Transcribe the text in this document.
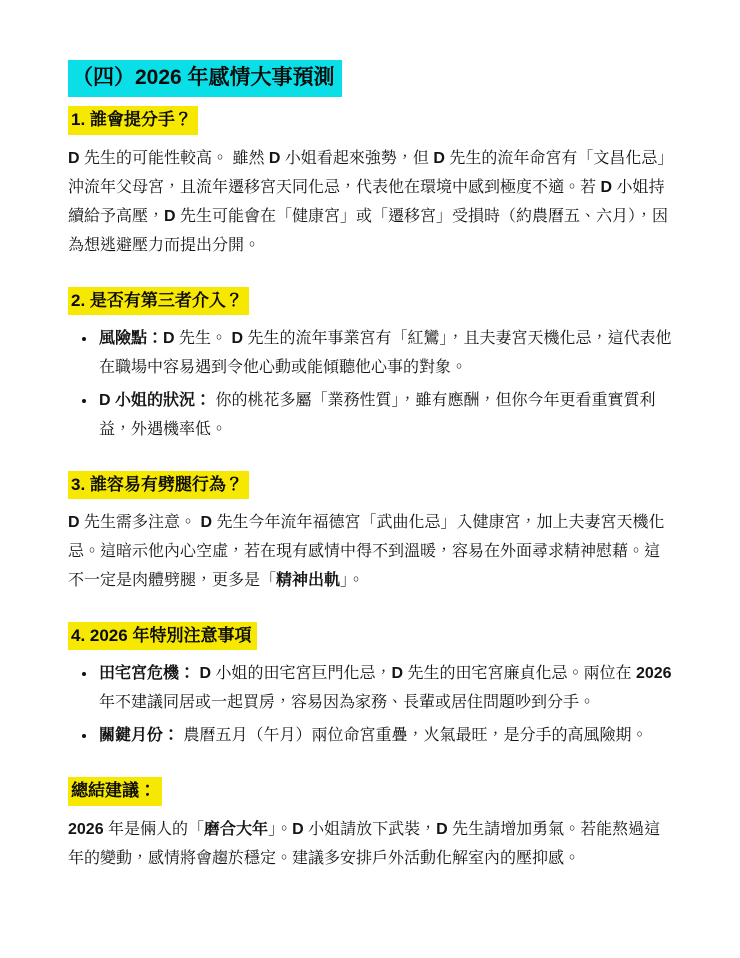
（四）2026 年感情大事預測
1. 誰會提分手？

D 先生的可能性較高。 雖然 D 小姐看起來強勢，但 D 先生的流年命宮有「文昌化忌」沖流年父母宮，且流年遷移宮天同化忌，代表他在環境中感到極度不適。若 D 小姐持續給予高壓，D 先生可能會在「健康宮」或「遷移宮」受損時（約農曆五、六月），因為想逃避壓力而提出分開。

2. 是否有第三者介入？
• 風險點：D 先生。 D 先生的流年事業宮有「紅鸞」，且夫妻宮天機化忌，這代表他在職場中容易遇到令他心動或能傾聽他心事的對象。
• D 小姐的狀況： 你的桃花多屬「業務性質」，雖有應酬，但你今年更看重實質利益，外遇機率低。
3. 誰容易有劈腿行為？

D 先生需多注意。 D 先生今年流年福德宮「武曲化忌」入健康宮，加上夫妻宮天機化忌。這暗示他內心空虛，若在現有感情中得不到溫暖，容易在外面尋求精神慰藉。這不一定是肉體劈腿，更多是「精神出軌」。

4. 2026 年特別注意事項
• 田宅宮危機： D 小姐的田宅宮巨門化忌，D 先生的田宅宮廉貞化忌。兩位在 2026 年不建議同居或一起買房，容易因為家務、長輩或居住問題吵到分手。
• 關鍵月份： 農曆五月（午月）兩位命宮重疊，火氣最旺，是分手的高風險期。
總結建議：

2026 年是倆人的「磨合大年」。D 小姐請放下武裝，D 先生請增加勇氣。若能熬過這年的變動，感情將會趨於穩定。建議多安排戶外活動化解室內的壓抑感。
